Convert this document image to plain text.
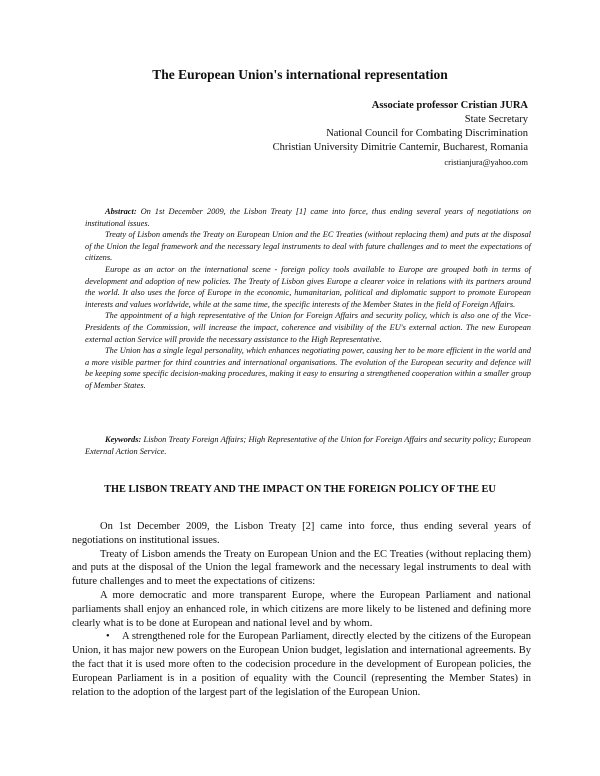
The European Union's international representation
Associate professor Cristian JURA
State Secretary
National Council for Combating Discrimination
Christian University Dimitrie Cantemir, Bucharest, Romania
cristianjura@yahoo.com

Abstract: On 1st December 2009, the Lisbon Treaty [1] came into force, thus ending several years of negotiations on institutional issues.

Treaty of Lisbon amends the Treaty on European Union and the EC Treaties (without replacing them) and puts at the disposal of the Union the legal framework and the necessary legal instruments to deal with future challenges and to meet the expectations of citizens.

Europe as an actor on the international scene - foreign policy tools available to Europe are grouped both in terms of development and adoption of new policies. The Treaty of Lisbon gives Europe a clearer voice in relations with its partners around the world. It also uses the force of Europe in the economic, humanitarian, political and diplomatic support to promote European interests and values worldwide, while at the same time, the specific interests of the Member States in the field of Foreign Affairs.

The appointment of a high representative of the Union for Foreign Affairs and security policy, which is also one of the Vice-Presidents of the Commission, will increase the impact, coherence and visibility of the EU's external action. The new European external action Service will provide the necessary assistance to the High Representative.

The Union has a single legal personality, which enhances negotiating power, causing her to be more efficient in the world and a more visible partner for third countries and international organisations. The evolution of the European security and defence will be keeping some specific decision-making procedures, making it easy to ensuring a strengthened cooperation within a smaller group of Member States.

Keywords: Lisbon Treaty Foreign Affairs; High Representative of the Union for Foreign Affairs and security policy; European External Action Service.

THE LISBON TREATY AND THE IMPACT ON THE FOREIGN POLICY OF THE EU

On 1st December 2009, the Lisbon Treaty [2] came into force, thus ending several years of negotiations on institutional issues.

Treaty of Lisbon amends the Treaty on European Union and the EC Treaties (without replacing them) and puts at the disposal of the Union the legal framework and the necessary legal instruments to deal with future challenges and to meet the expectations of citizens:

A more democratic and more transparent Europe, where the European Parliament and national parliaments shall enjoy an enhanced role, in which citizens are more likely to be listened and defining more clearly what is to be done at European and national level and by whom.

• A strengthened role for the European Parliament, directly elected by the citizens of the European Union, it has major new powers on the European Union budget, legislation and international agreements. By the fact that it is used more often to the codecision procedure in the development of European policies, the European Parliament is in a position of equality with the Council (representing the Member States) in relation to the adoption of the largest part of the legislation of the European Union.
